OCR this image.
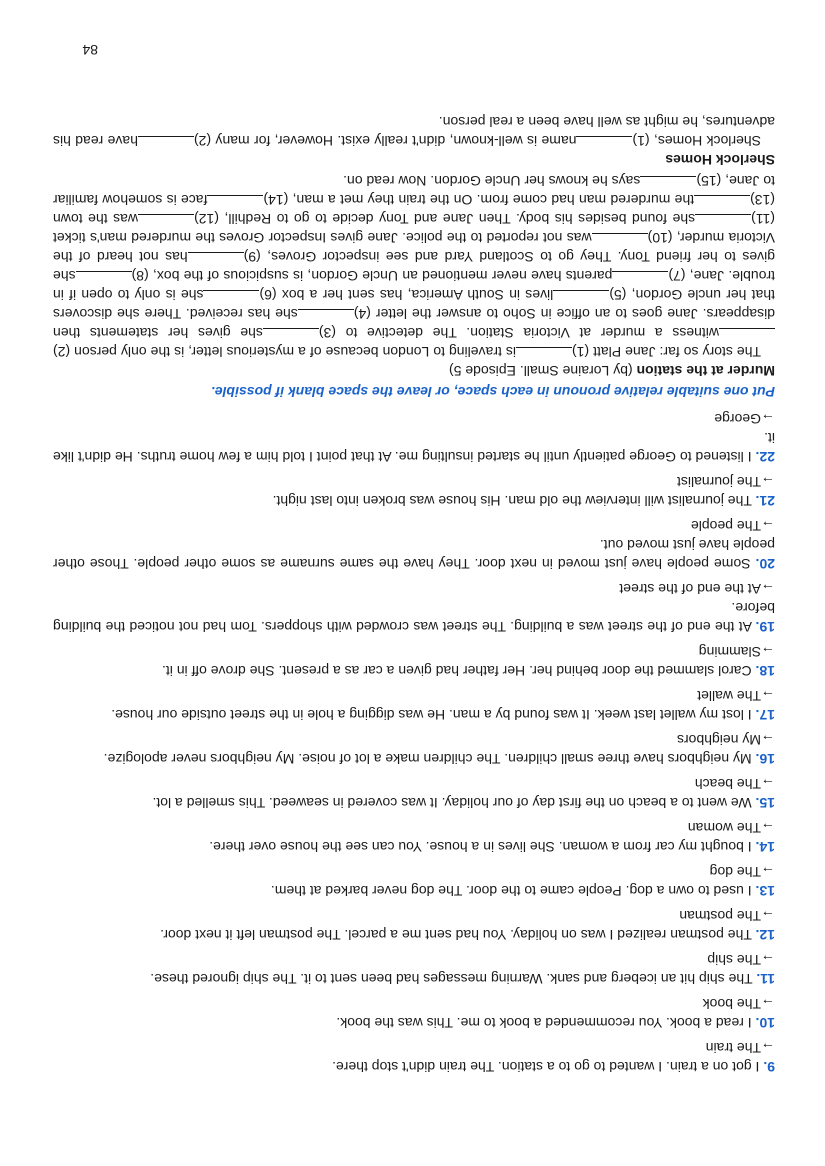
9. I got on a train. I wanted to go to a station. The train didn't stop there.

→The train

10. I read a book. You recommended a book to me. This was the book.

→The book

11. The ship hit an iceberg and sank. Warning messages had been sent to it. The ship ignored these.

→The ship

12. The postman realized I was on holiday. You had sent me a parcel. The postman left it next door.

→The postman

13. I used to own a dog. People came to the door. The dog never barked at them.

→The dog

14. I bought my car from a woman. She lives in a house. You can see the house over there.

→The woman

15. We went to a beach on the first day of our holiday. It was covered in seaweed. This smelled a lot.

→The beach

16. My neighbors have three small children. The children make a lot of noise. My neighbors never apologize.

→My neighbors

17. I lost my wallet last week. It was found by a man. He was digging a hole in the street outside our house.

→The wallet

18. Carol slammed the door behind her. Her father had given a car as a present. She drove off in it.

→Slamming

19. At the end of the street was a building. The street was crowded with shoppers. Tom had not noticed the building before.

→At the end of the street

20. Some people have just moved in next door. They have the same surname as some other people. Those other people have just moved out.

→The people

21. The journalist will interview the old man. His house was broken into last night.

→The journalist

22. I listened to George patiently until he started insulting me. At that point I told him a few home truths. He didn't like it.

→George

Put one suitable relative pronoun in each space, or leave the space blank if possible.

Murder at the station (by Loraine Small. Episode 5)

The story so far: Jane Platt (1)is traveling to London because of a mysterious letter, is the only person (2)witness a murder at Victoria Station. The detective to (3)she gives her statements then disappears. Jane goes to an office in Soho to answer the letter (4)she has received. There she discovers that her uncle Gordon, (5)lives in South America, has sent her a box (6)she is only to open if in trouble. Jane, (7)parents have never mentioned an Uncle Gordon, is suspicious of the box, (8)she gives to her friend Tony. They go to Scotland Yard and see inspector Groves, (9)has not heard of the Victoria murder, (10)was not reported to the police. Jane gives Inspector Groves the murdered man's ticket (11)she found besides his body. Then Jane and Tony decide to go to Redhill, (12)was the town (13)the murdered man had come from. On the train they met a man, (14)face is somehow familiar to Jane, (15)says he knows her Uncle Gordon. Now read on.

Sherlock Homes

Sherlock Homes, (1)name is well-known, didn't really exist. However, for many (2)have read his adventures, he might as well have been a real person.

84
